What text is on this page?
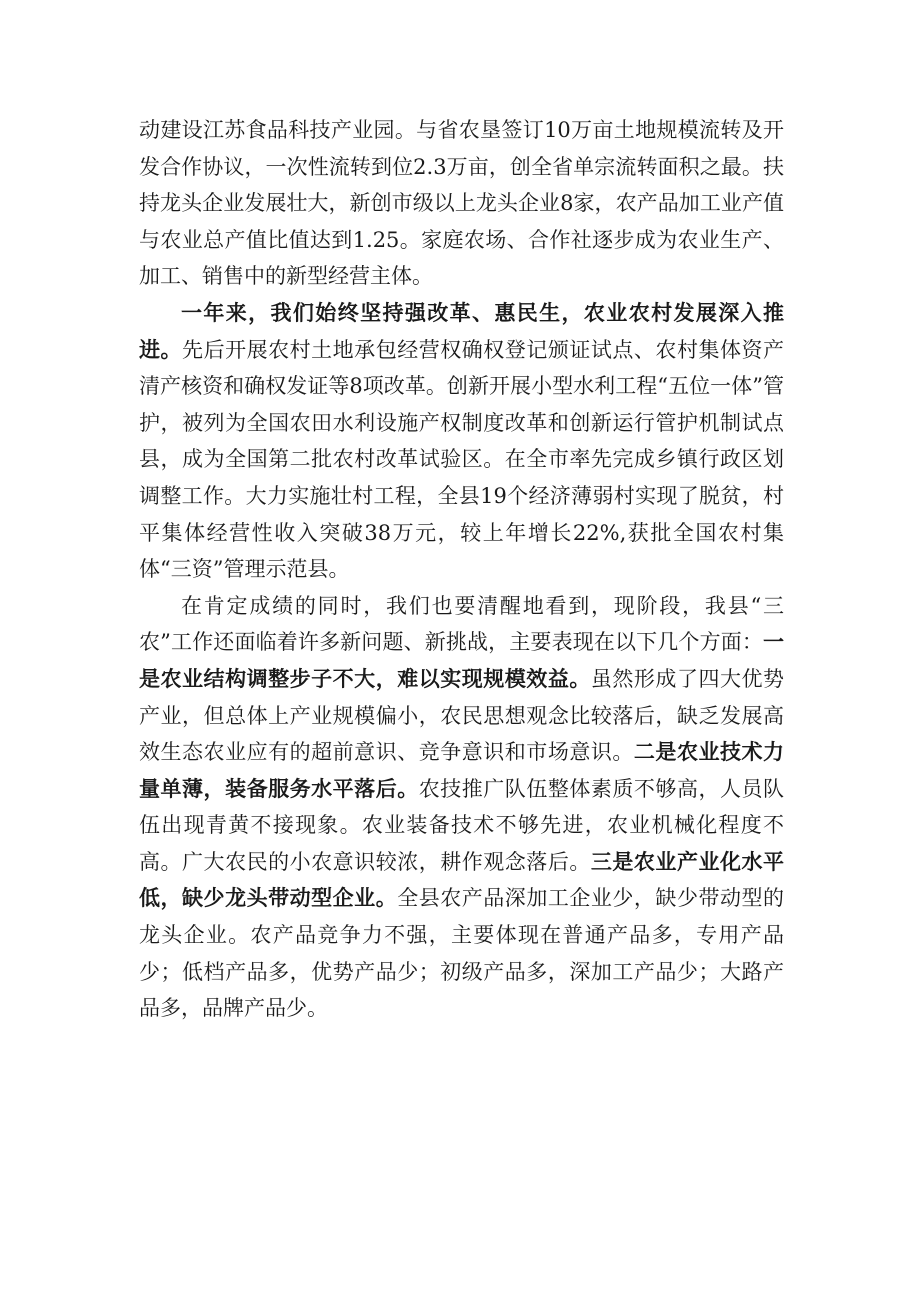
动建设江苏食品科技产业园。与省农垦签订10万亩土地规模流转及开发合作协议，一次性流转到位2.3万亩，创全省单宗流转面积之最。扶持龙头企业发展壮大，新创市级以上龙头企业8家，农产品加工业产值与农业总产值比值达到1.25。家庭农场、合作社逐步成为农业生产、加工、销售中的新型经营主体。

一年来，我们始终坚持强改革、惠民生，农业农村发展深入推进。先后开展农村土地承包经营权确权登记颁证试点、农村集体资产清产核资和确权发证等8项改革。创新开展小型水利工程“五位一体”管护，被列为全国农田水利设施产权制度改革和创新运行管护机制试点县，成为全国第二批农村改革试验区。在全市率先完成乡镇行政区划调整工作。大力实施壮村工程，全县19个经济薄弱村实现了脱贫，村平集体经营性收入突破38万元，较上年增长22%,获批全国农村集体“三资”管理示范县。

在肯定成绩的同时，我们也要清醒地看到，现阶段，我县“三农”工作还面临着许多新问题、新挑战，主要表现在以下几个方面：一是农业结构调整步子不大，难以实现规模效益。虽然形成了四大优势产业，但总体上产业规模偏小，农民思想观念比较落后，缺乏发展高效生态农业应有的超前意识、竞争意识和市场意识。二是农业技术力量单薄，装备服务水平落后。农技推广队伍整体素质不够高，人员队伍出现青黄不接现象。农业装备技术不够先进，农业机械化程度不高。广大农民的小农意识较浓，耕作观念落后。三是农业产业化水平低，缺少龙头带动型企业。全县农产品深加工企业少，缺少带动型的龙头企业。农产品竞争力不强，主要体现在普通产品多，专用产品少；低档产品多，优势产品少；初级产品多，深加工产品少；大路产品多，品牌产品少。
